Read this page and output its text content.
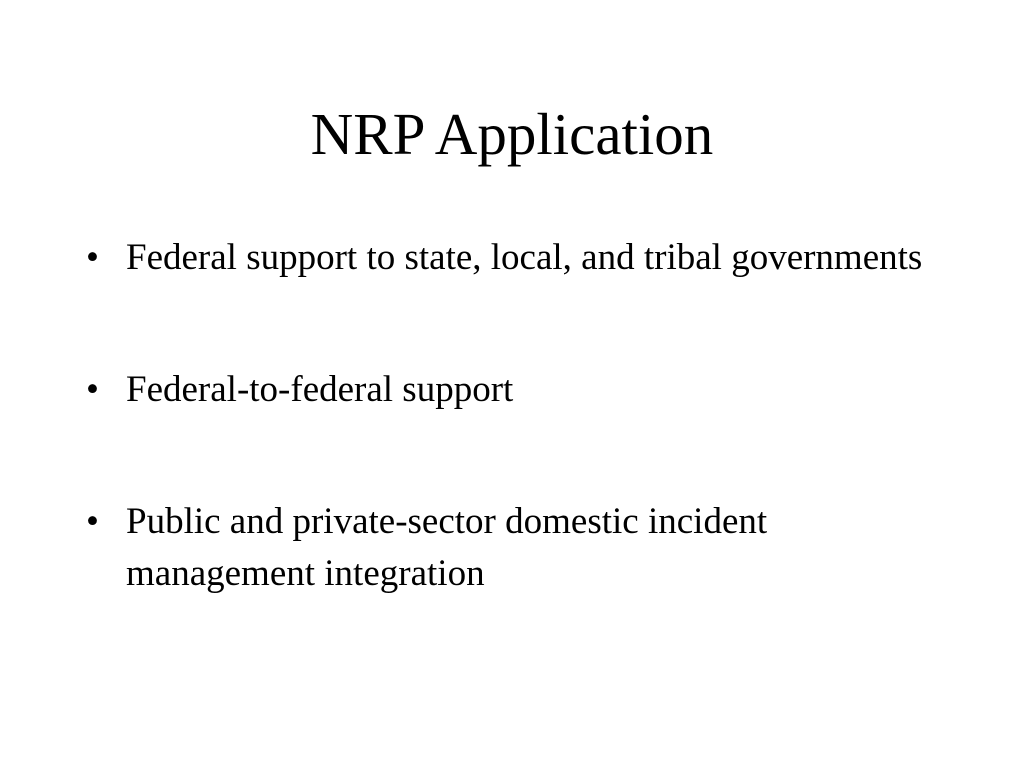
NRP Application
• Federal support to state, local, and tribal governments
• Federal-to-federal support
• Public and private-sector domestic incident management integration
